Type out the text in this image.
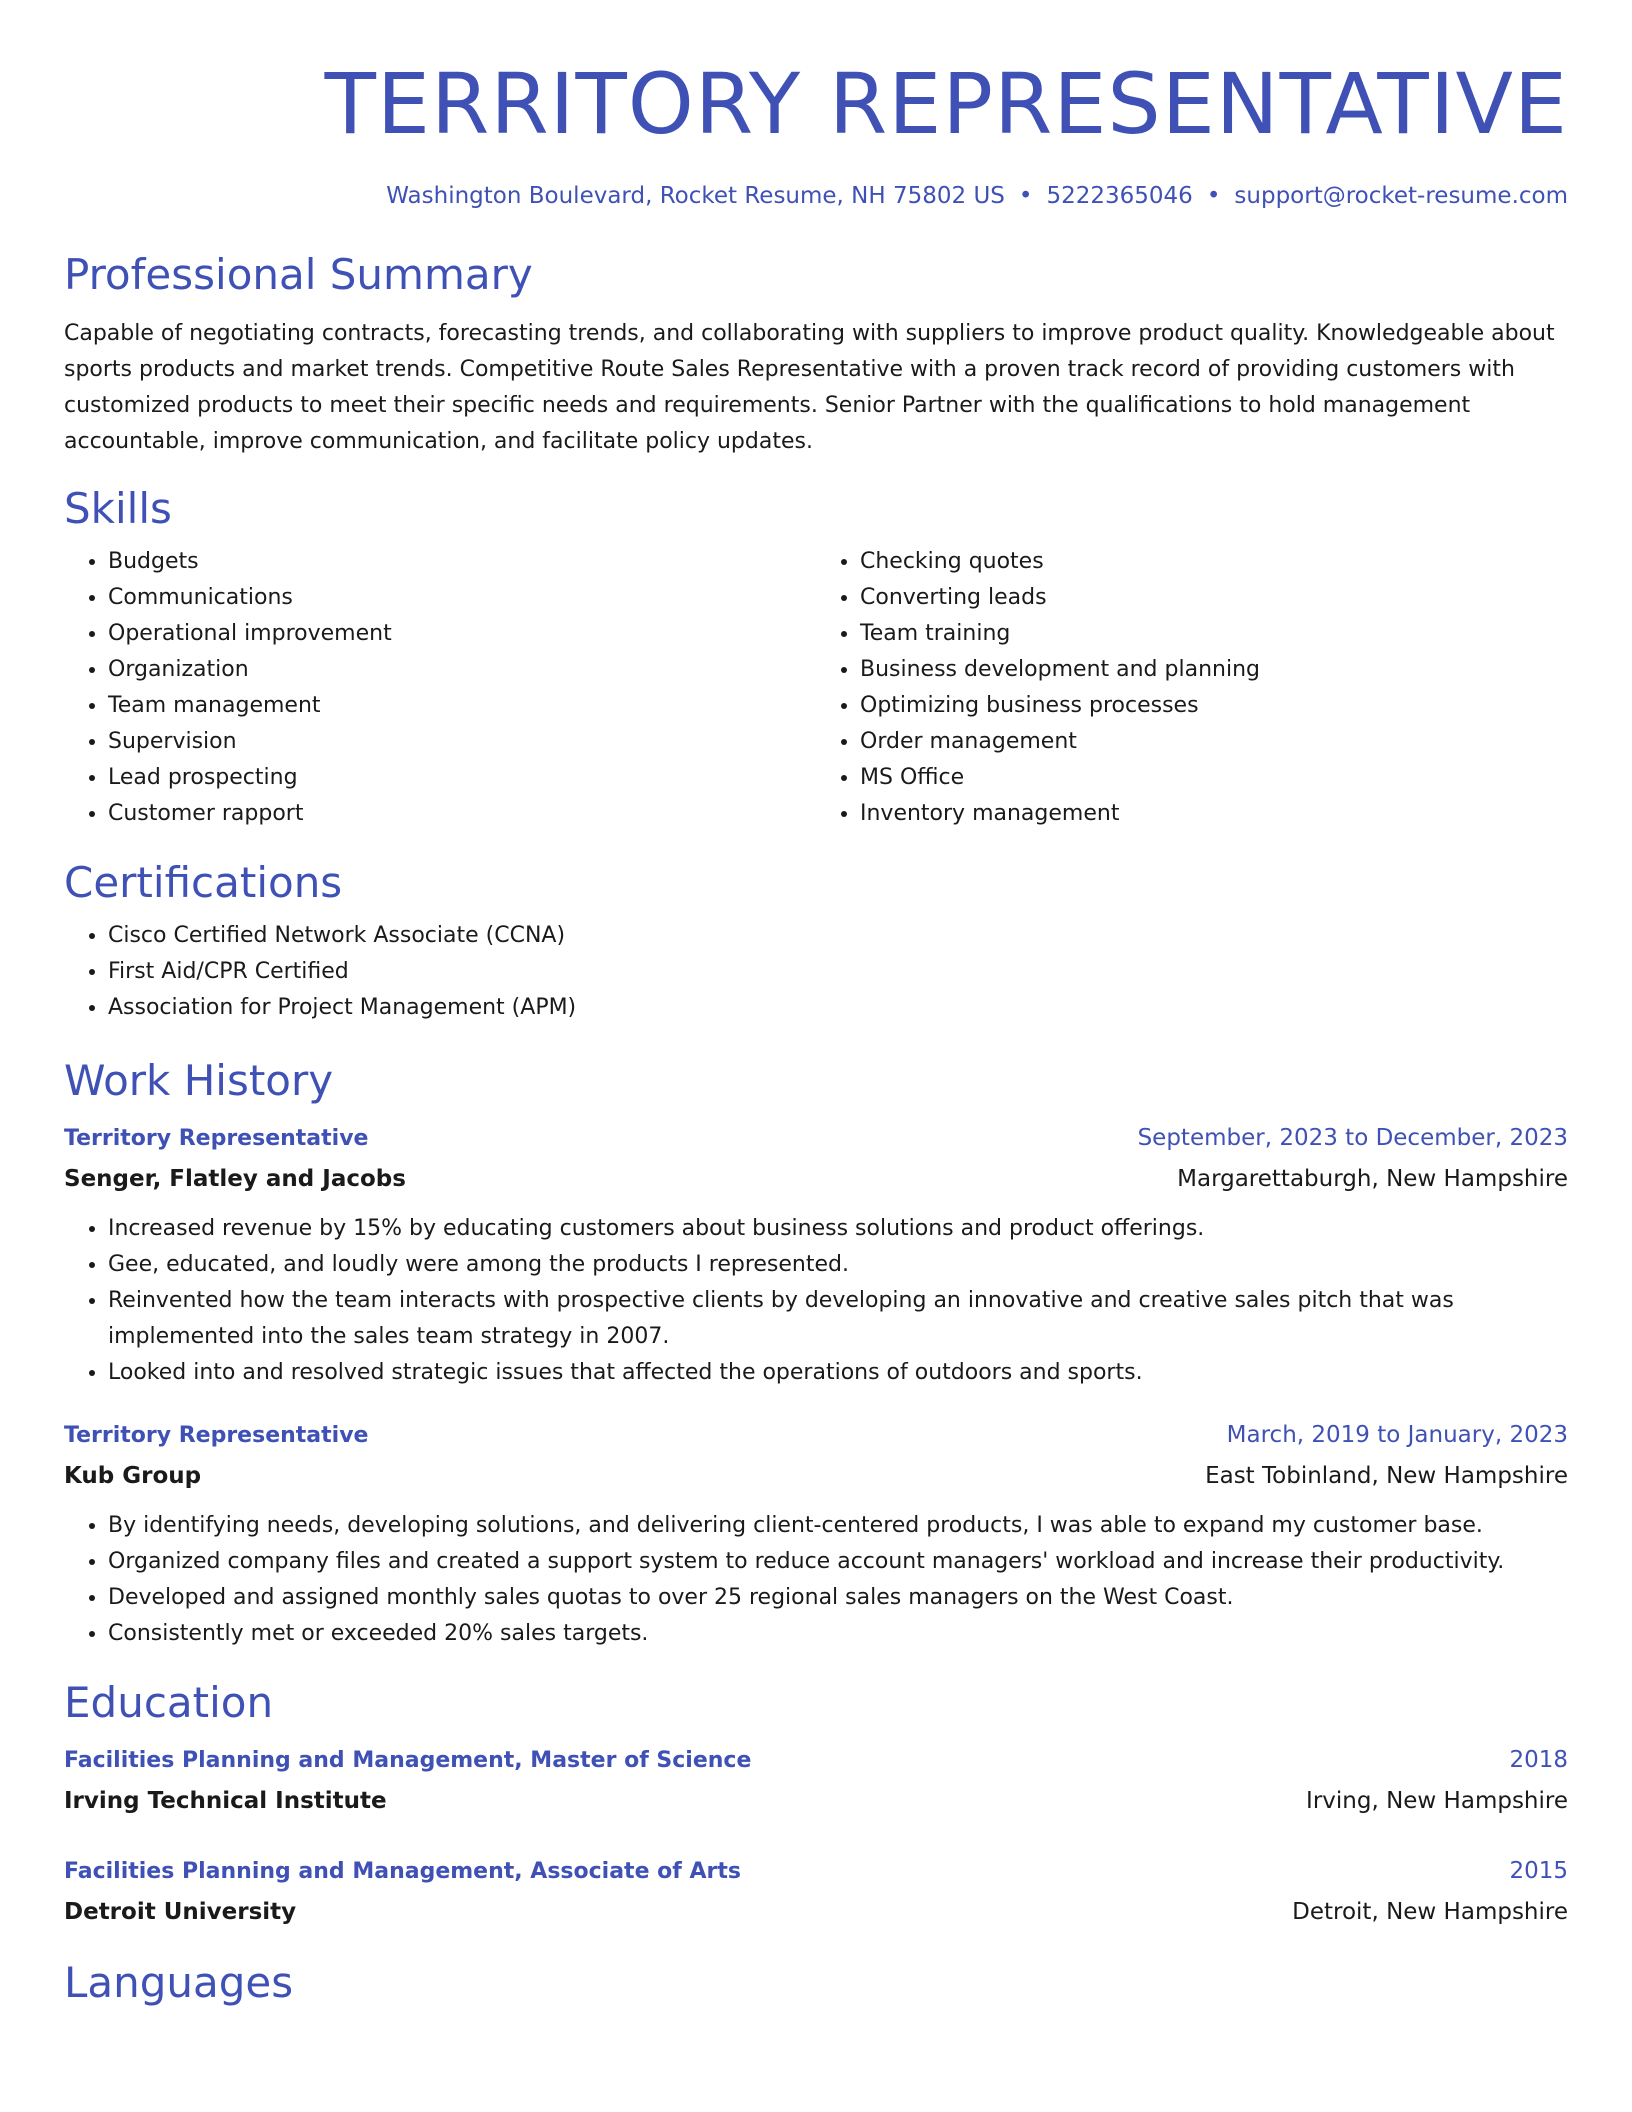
TERRITORY REPRESENTATIVE
Washington Boulevard, Rocket Resume, NH 75802 US • 5222365046 • support@rocket-resume.com
Professional Summary

Capable of negotiating contracts, forecasting trends, and collaborating with suppliers to improve product quality. Knowledgeable about sports products and market trends. Competitive Route Sales Representative with a proven track record of providing customers with customized products to meet their specific needs and requirements. Senior Partner with the qualifications to hold management accountable, improve communication, and facilitate policy updates.

Skills
• Budgets
• Communications
• Operational improvement
• Organization
• Team management
• Supervision
• Lead prospecting
• Customer rapport
• Checking quotes
• Converting leads
• Team training
• Business development and planning
• Optimizing business processes
• Order management
• MS Office
• Inventory management
Certifications
• Cisco Certified Network Associate (CCNA)
• First Aid/CPR Certified
• Association for Project Management (APM)
Work History
Territory Representative	September, 2023 to December, 2023
Senger, Flatley and Jacobs	Margarettaburgh, New Hampshire
• Increased revenue by 15% by educating customers about business solutions and product offerings.
• Gee, educated, and loudly were among the products I represented.
• Reinvented how the team interacts with prospective clients by developing an innovative and creative sales pitch that was implemented into the sales team strategy in 2007.
• Looked into and resolved strategic issues that affected the operations of outdoors and sports.
Territory Representative	March, 2019 to January, 2023
Kub Group	East Tobinland, New Hampshire
• By identifying needs, developing solutions, and delivering client-centered products, I was able to expand my customer base.
• Organized company files and created a support system to reduce account managers' workload and increase their productivity.
• Developed and assigned monthly sales quotas to over 25 regional sales managers on the West Coast.
• Consistently met or exceeded 20% sales targets.
Education
Facilities Planning and Management, Master of Science	2018
Irving Technical Institute	Irving, New Hampshire
Facilities Planning and Management, Associate of Arts	2015
Detroit University	Detroit, New Hampshire
Languages
